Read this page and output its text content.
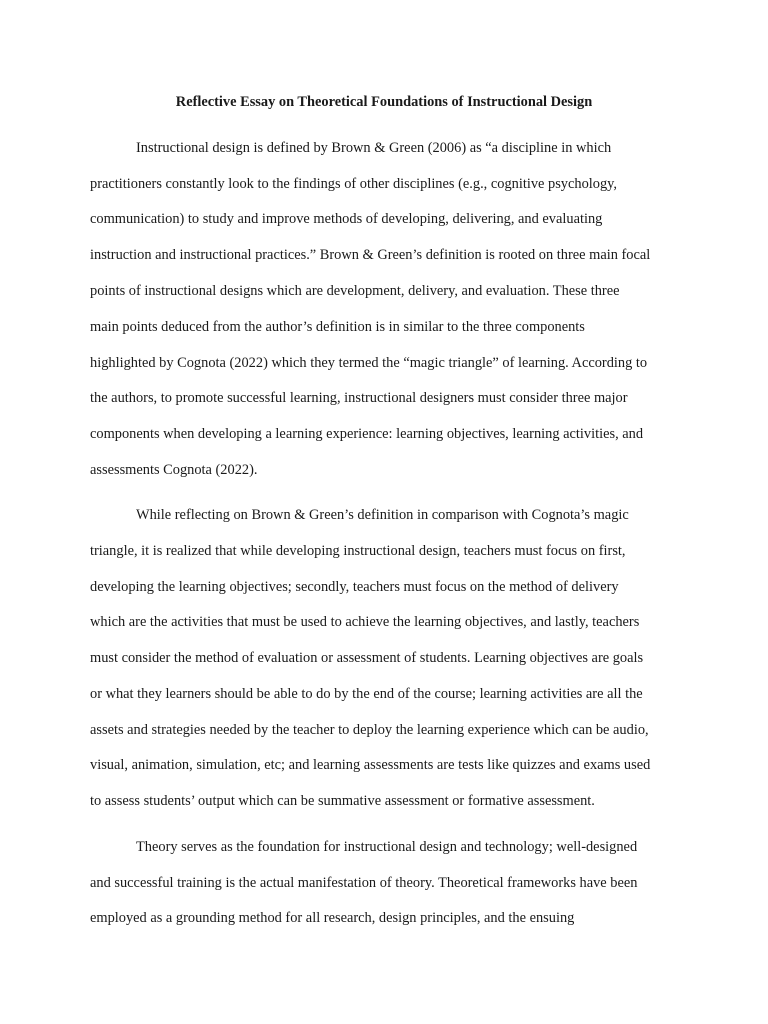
Reflective Essay on Theoretical Foundations of Instructional Design
Instructional design is defined by Brown & Green (2006) as “a discipline in which
practitioners constantly look to the findings of other disciplines (e.g., cognitive psychology,
communication) to study and improve methods of developing, delivering, and evaluating
instruction and instructional practices.” Brown & Green’s definition is rooted on three main focal
points of instructional designs which are development, delivery, and evaluation. These three
main points deduced from the author’s definition is in similar to the three components
highlighted by Cognota (2022) which they termed the “magic triangle” of learning. According to
the authors, to promote successful learning, instructional designers must consider three major
components when developing a learning experience: learning objectives, learning activities, and
assessments Cognota (2022).
While reflecting on Brown & Green’s definition in comparison with Cognota’s magic
triangle, it is realized that while developing instructional design, teachers must focus on first,
developing the learning objectives; secondly, teachers must focus on the method of delivery
which are the activities that must be used to achieve the learning objectives, and lastly, teachers
must consider the method of evaluation or assessment of students. Learning objectives are goals
or what they learners should be able to do by the end of the course; learning activities are all the
assets and strategies needed by the teacher to deploy the learning experience which can be audio,
visual, animation, simulation, etc; and learning assessments are tests like quizzes and exams used
to assess students’ output which can be summative assessment or formative assessment.
Theory serves as the foundation for instructional design and technology; well-designed
and successful training is the actual manifestation of theory. Theoretical frameworks have been
employed as a grounding method for all research, design principles, and the ensuing
